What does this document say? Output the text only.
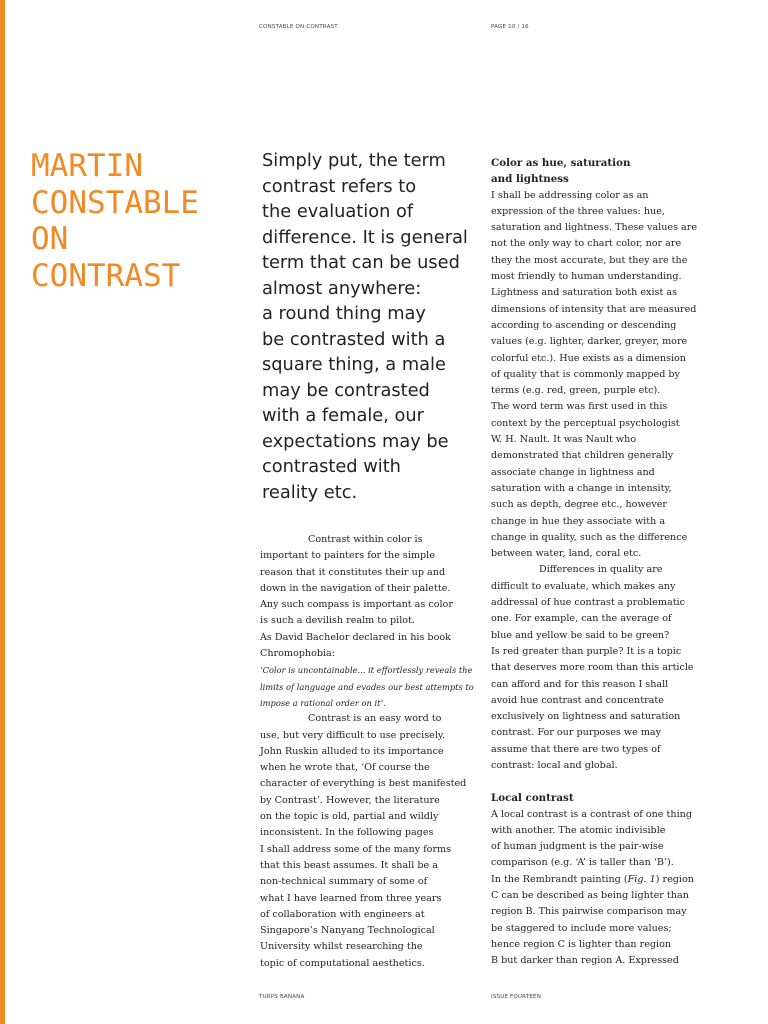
CONSTABLE ON CONTRAST	PAGE 10 / 16
MARTIN
CONSTABLE
ON
CONTRAST
Simply put, the term
contrast refers to
the evaluation of
difference. It is general
term that can be used
almost anywhere:
a round thing may
be contrasted with a
square thing, a male
may be contrasted
with a female, our
expectations may be
contrasted with
reality etc.
Contrast within color is
important to painters for the simple
reason that it constitutes their up and
down in the navigation of their palette.
Any such compass is important as color
is such a devilish realm to pilot.
As David Bachelor declared in his book
Chromophobia:
‘Color is uncontainable... it effortlessly reveals the
limits of language and evades our best attempts to
impose a rational order on it’.
Contrast is an easy word to
use, but very difficult to use precisely.
John Ruskin alluded to its importance
when he wrote that, ‘Of course the
character of everything is best manifested
by Contrast’. However, the literature
on the topic is old, partial and wildly
inconsistent. In the following pages
I shall address some of the many forms
that this beast assumes. It shall be a
non-technical summary of some of
what I have learned from three years
of collaboration with engineers at
Singapore’s Nanyang Technological
University whilst researching the
topic of computational aesthetics.
Color as hue, saturation
and lightness
I shall be addressing color as an
expression of the three values: hue,
saturation and lightness. These values are
not the only way to chart color, nor are
they the most accurate, but they are the
most friendly to human understanding.
Lightness and saturation both exist as
dimensions of intensity that are measured
according to ascending or descending
values (e.g. lighter, darker, greyer, more
colorful etc.). Hue exists as a dimension
of quality that is commonly mapped by
terms (e.g. red, green, purple etc).
The word term was first used in this
context by the perceptual psychologist
W. H. Nault. It was Nault who
demonstrated that children generally
associate change in lightness and
saturation with a change in intensity,
such as depth, degree etc., however
change in hue they associate with a
change in quality, such as the difference
between water, land, coral etc.
Differences in quality are
difficult to evaluate, which makes any
addressal of hue contrast a problematic
one. For example, can the average of
blue and yellow be said to be green?
Is red greater than purple? It is a topic
that deserves more room than this article
can afford and for this reason I shall
avoid hue contrast and concentrate
exclusively on lightness and saturation
contrast. For our purposes we may
assume that there are two types of
contrast: local and global.
Local contrast
A local contrast is a contrast of one thing
with another. The atomic indivisible
of human judgment is the pair-wise
comparison (e.g. ‘A’ is taller than ‘B’).
In the Rembrandt painting (Fig. 1) region
C can be described as being lighter than
region B. This pairwise comparison may
be staggered to include more values;
hence region C is lighter than region
B but darker than region A. Expressed
TURPS BANANA	ISSUE FOURTEEN
